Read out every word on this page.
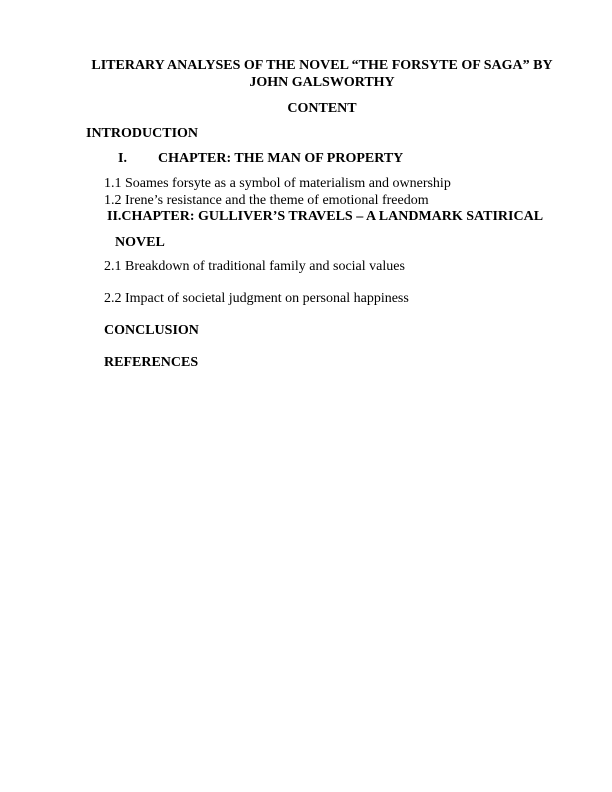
LITERARY ANALYSES OF THE NOVEL “THE FORSYTE OF SAGA” BY
JOHN GALSWORTHY
CONTENT
INTRODUCTION
I. CHAPTER: THE MAN OF PROPERTY
1.1 Soames forsyte as a symbol of materialism and ownership
1.2 Irene’s resistance and the theme of emotional freedom
II.CHAPTER: GULLIVER’S TRAVELS – A LANDMARK SATIRICAL
NOVEL
2.1 Breakdown of traditional family and social values
2.2 Impact of societal judgment on personal happiness
CONCLUSION
REFERENCES
